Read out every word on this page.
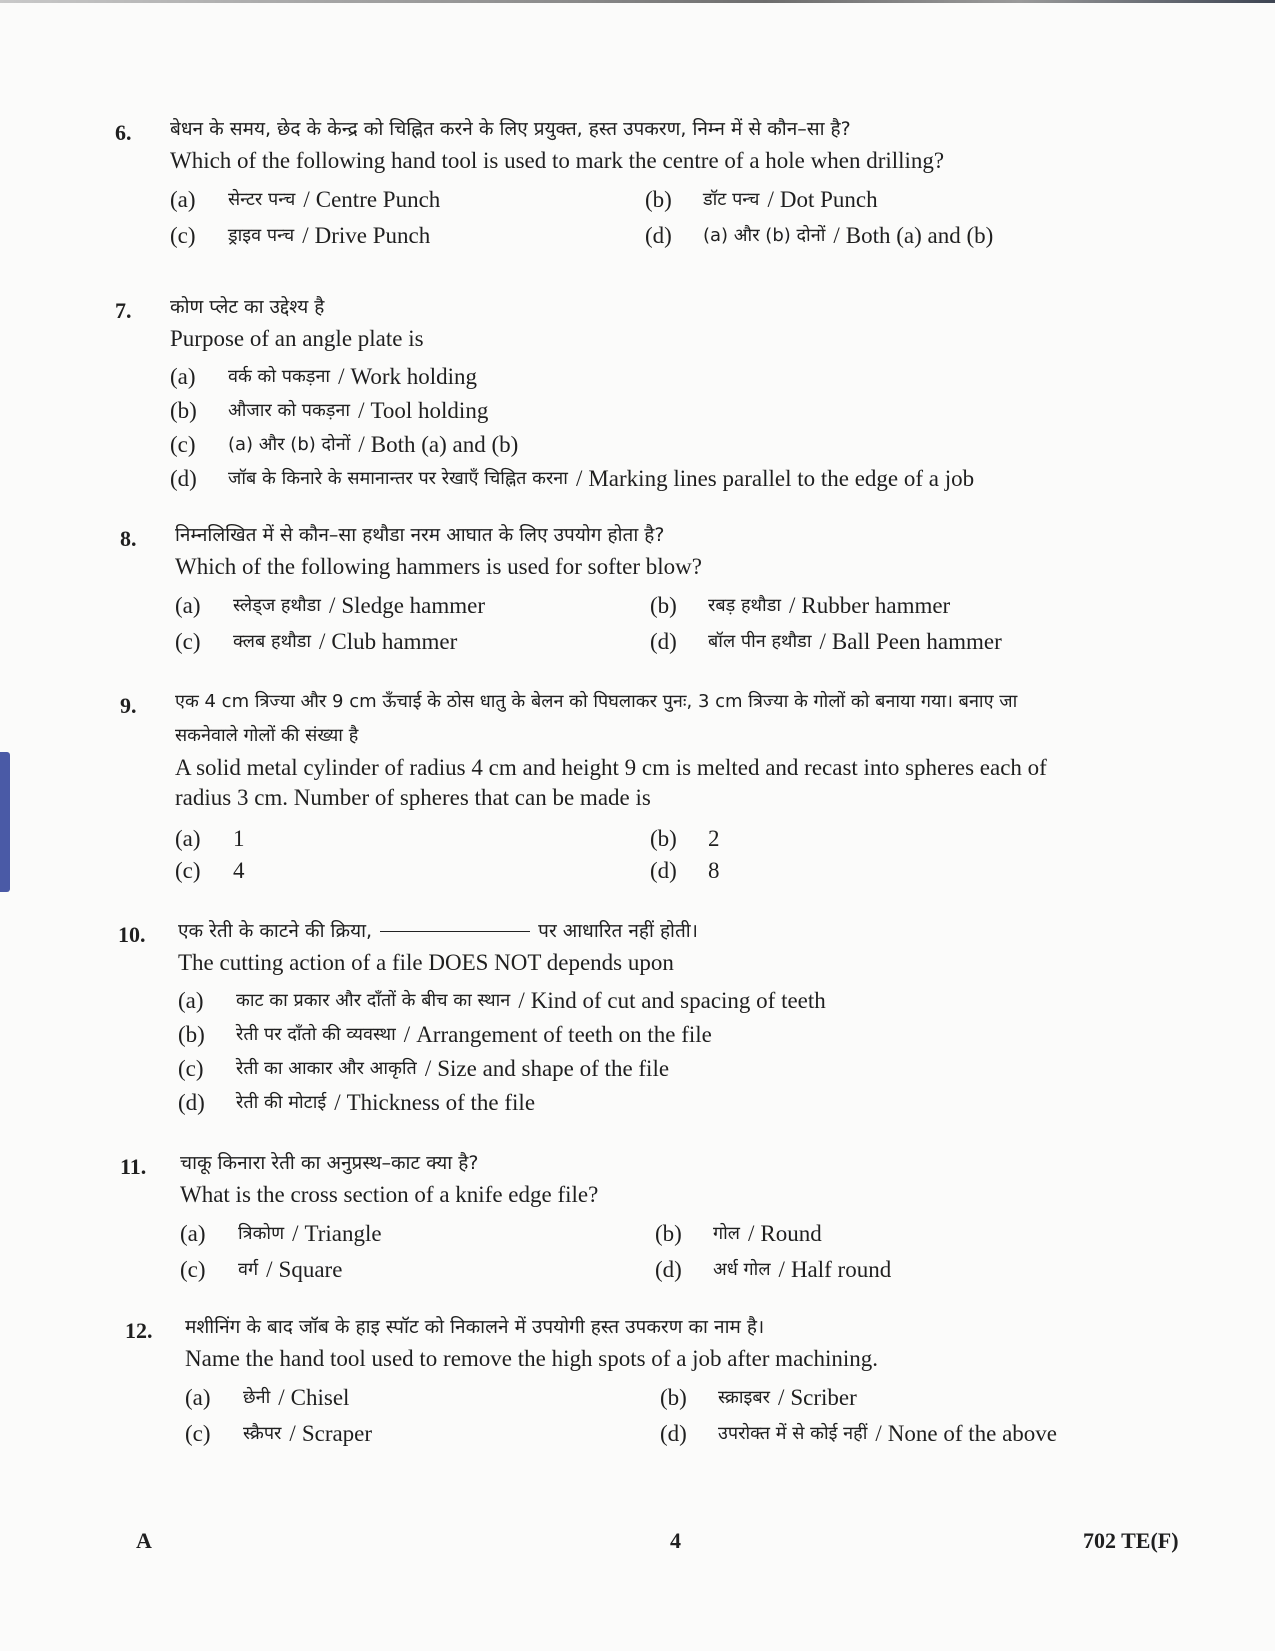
6. बेधन के समय, छेद के केन्द्र को चिह्नित करने के लिए प्रयुक्त, हस्त उपकरण, निम्न में से कौन–सा है?
Which of the following hand tool is used to mark the centre of a hole when drilling?
(a)	सेन्टर पन्च / Centre Punch	(b)	डॉट पन्च / Dot Punch
(c)	ड्राइव पन्च / Drive Punch	(d)	(a) और (b) दोनों / Both (a) and (b)
7. कोण प्लेट का उद्देश्य है
Purpose of an angle plate is
(a)	वर्क को पकड़ना / Work holding
(b)	औजार को पकड़ना / Tool holding
(c)	(a) और (b) दोनों / Both (a) and (b)
(d)	जॉब के किनारे के समानान्तर पर रेखाएँ चिह्नित करना / Marking lines parallel to the edge of a job
8. निम्नलिखित में से कौन–सा हथौडा नरम आघात के लिए उपयोग होता है?
Which of the following hammers is used for softer blow?
(a)	स्लेड्ज हथौडा / Sledge hammer	(b)	रबड़ हथौडा / Rubber hammer
(c)	क्लब हथौडा / Club hammer	(d)	बॉल पीन हथौडा / Ball Peen hammer
9. एक 4 cm त्रिज्या और 9 cm ऊँचाई के ठोस धातु के बेलन को पिघलाकर पुनः, 3 cm त्रिज्या के गोलों को बनाया गया। बनाए जा
सकनेवाले गोलों की संख्या है
A solid metal cylinder of radius 4 cm and height 9 cm is melted and recast into spheres each of
radius 3 cm. Number of spheres that can be made is
(a)	1	(b)	2
(c)	4	(d)	8
10. एक रेती के काटने की क्रिया,	पर आधारित नहीं होती।
The cutting action of a file DOES NOT depends upon
(a)	काट का प्रकार और दाँतों के बीच का स्थान / Kind of cut and spacing of teeth
(b)	रेती पर दाँतो की व्यवस्था / Arrangement of teeth on the file
(c)	रेती का आकार और आकृति / Size and shape of the file
(d)	रेती की मोटाई / Thickness of the file
11. चाकू किनारा रेती का अनुप्रस्थ–काट क्या है?
What is the cross section of a knife edge file?
(a)	त्रिकोण / Triangle	(b)	गोल / Round
(c)	वर्ग / Square	(d)	अर्ध गोल / Half round
12. मशीनिंग के बाद जॉब के हाइ स्पॉट को निकालने में उपयोगी हस्त उपकरण का नाम है।
Name the hand tool used to remove the high spots of a job after machining.
(a)	छेनी / Chisel	(b)	स्क्राइबर / Scriber
(c)	स्क्रैपर / Scraper	(d)	उपरोक्त में से कोई नहीं / None of the above
A	4	702 TE(F)
